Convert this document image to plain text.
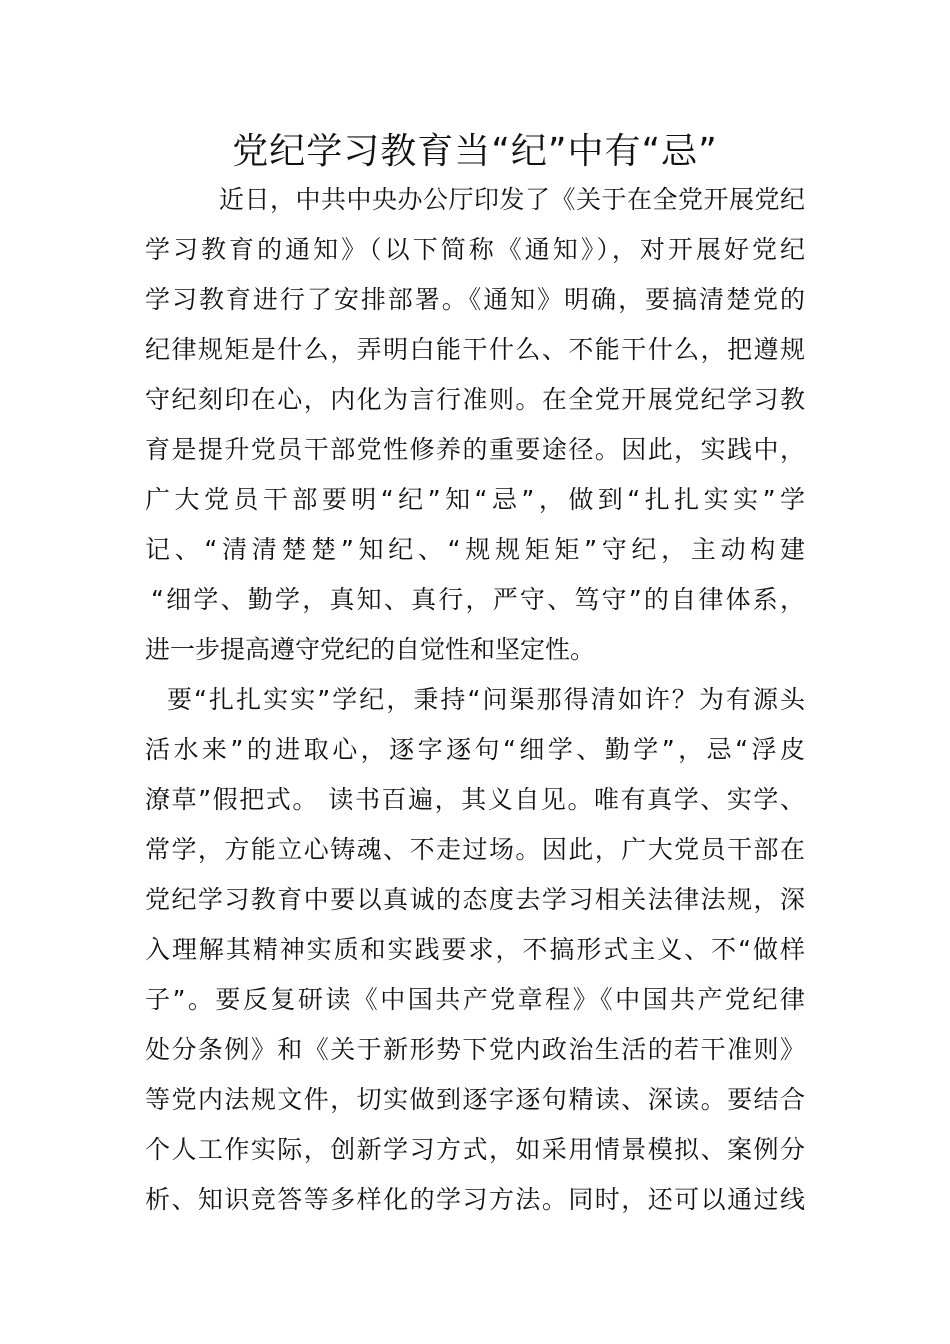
党纪学习教育当“纪”中有“忌”
近日，中共中央办公厅印发了《关于在全党开展党纪
学习教育的通知》（以下简称《通知》），对开展好党纪
学习教育进行了安排部署。《通知》明确，要搞清楚党的
纪律规矩是什么，弄明白能干什么、不能干什么，把遵规
守纪刻印在心，内化为言行准则。在全党开展党纪学习教
育是提升党员干部党性修养的重要途径。因此，实践中，
广大党员干部要明“纪”知“忌”，做到“扎扎实实”学
记、“清清楚楚”知纪、“规规矩矩”守纪，主动构建
“细学、勤学，真知、真行，严守、笃守”的自律体系，
进一步提高遵守党纪的自觉性和坚定性。
要“扎扎实实”学纪，秉持“问渠那得清如许？为有源头
活水来”的进取心，逐字逐句“细学、勤学”，忌“浮皮
潦草”假把式。 读书百遍，其义自见。唯有真学、实学、
常学，方能立心铸魂、不走过场。因此，广大党员干部在
党纪学习教育中要以真诚的态度去学习相关法律法规，深
入理解其精神实质和实践要求，不搞形式主义、不“做样
子”。要反复研读《中国共产党章程》《中国共产党纪律
处分条例》和《关于新形势下党内政治生活的若干准则》
等党内法规文件，切实做到逐字逐句精读、深读。要结合
个人工作实际，创新学习方式，如采用情景模拟、案例分
析、知识竞答等多样化的学习方法。同时，还可以通过线
